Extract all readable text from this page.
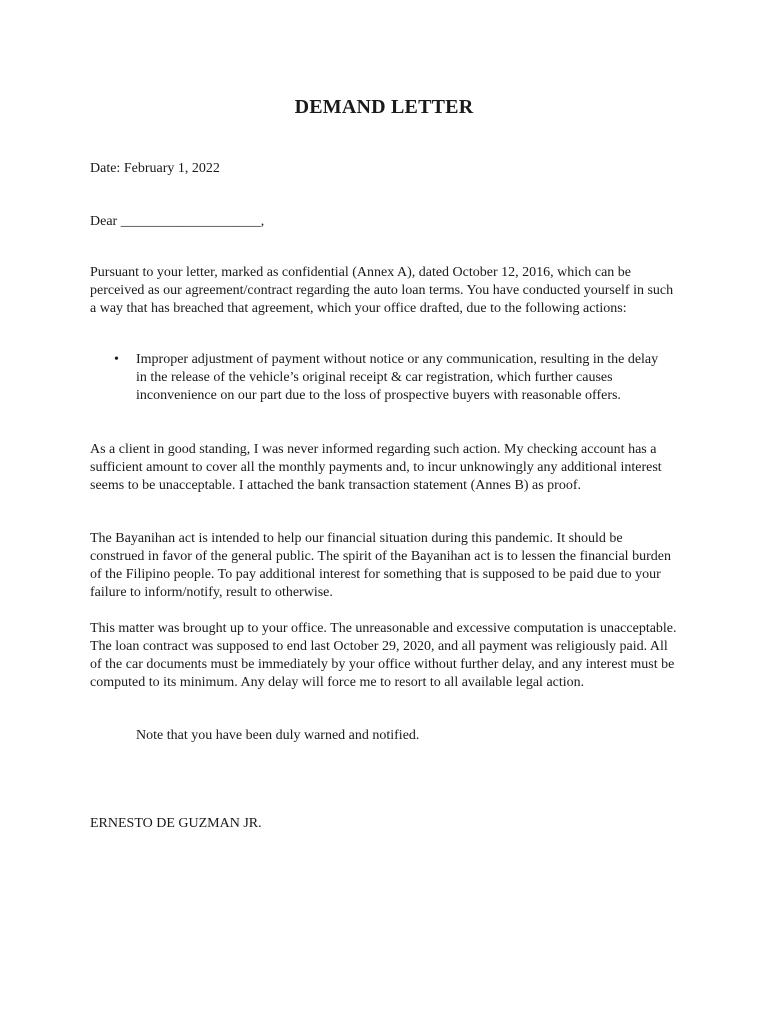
DEMAND LETTER
Date: February 1, 2022
Dear ____________________,
Pursuant to your letter, marked as confidential (Annex A), dated October 12, 2016, which can be perceived as our agreement/contract regarding the auto loan terms. You have conducted yourself in such a way that has breached that agreement, which your office drafted, due to the following actions:
• Improper adjustment of payment without notice or any communication, resulting in the delay in the release of the vehicle’s original receipt & car registration, which further causes inconvenience on our part due to the loss of prospective buyers with reasonable offers.
As a client in good standing, I was never informed regarding such action. My checking account has a sufficient amount to cover all the monthly payments and, to incur unknowingly any additional interest seems to be unacceptable. I attached the bank transaction statement (Annes B) as proof.
The Bayanihan act is intended to help our financial situation during this pandemic. It should be construed in favor of the general public. The spirit of the Bayanihan act is to lessen the financial burden of the Filipino people. To pay additional interest for something that is supposed to be paid due to your failure to inform/notify, result to otherwise.
This matter was brought up to your office. The unreasonable and excessive computation is unacceptable. The loan contract was supposed to end last October 29, 2020, and all payment was religiously paid. All of the car documents must be immediately by your office without further delay, and any interest must be computed to its minimum. Any delay will force me to resort to all available legal action.
Note that you have been duly warned and notified.
ERNESTO DE GUZMAN JR.
